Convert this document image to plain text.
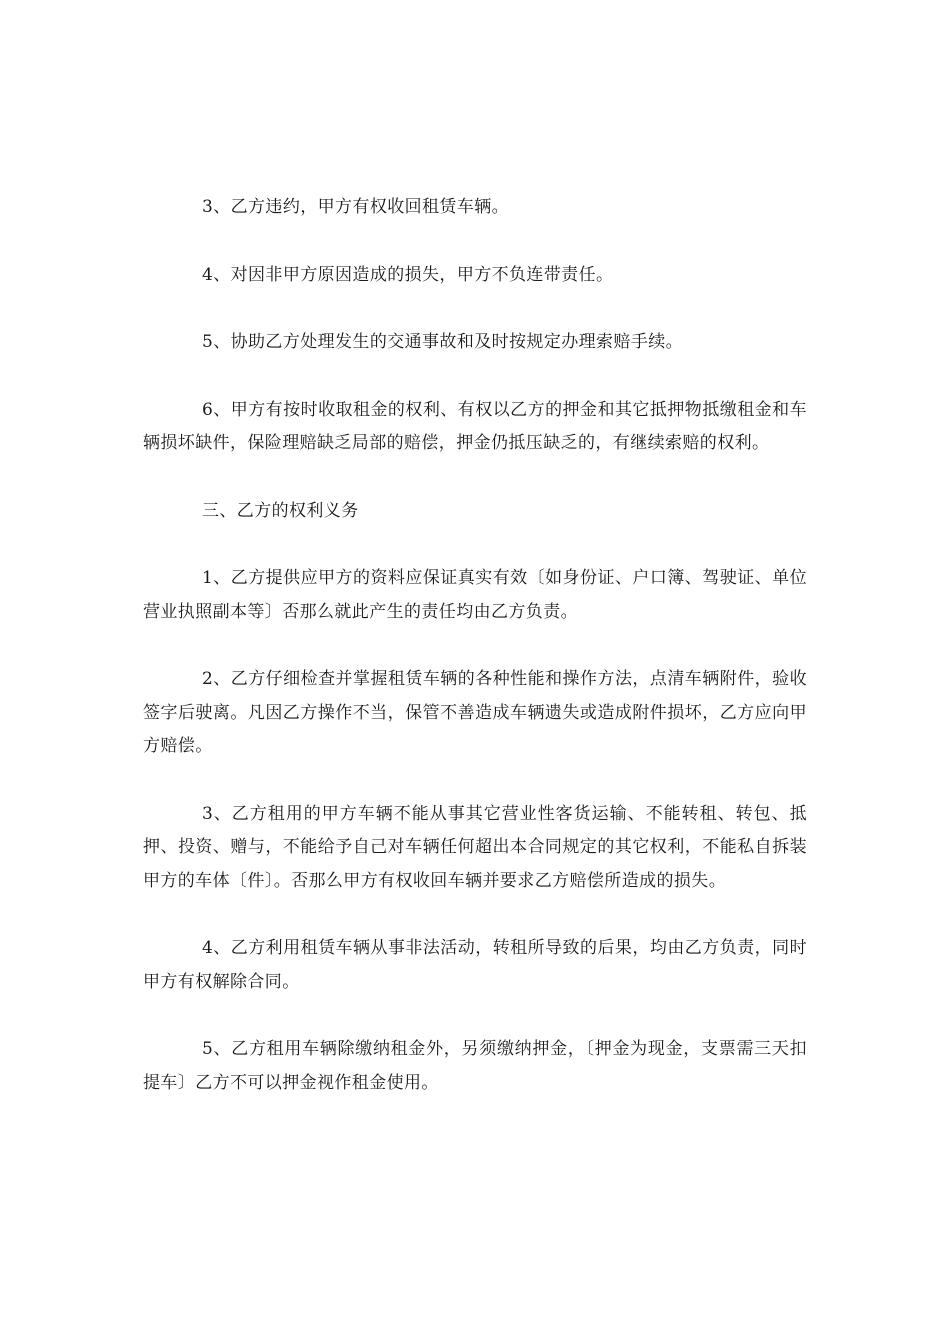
3、乙方违约，甲方有权收回租赁车辆。

4、对因非甲方原因造成的损失，甲方不负连带责任。

5、协助乙方处理发生的交通事故和及时按规定办理索赔手续。

6、甲方有按时收取租金的权利、有权以乙方的押金和其它抵押物抵缴租金和车辆损坏缺件，保险理赔缺乏局部的赔偿，押金仍抵压缺乏的，有继续索赔的权利。

三、乙方的权利义务

1、乙方提供应甲方的资料应保证真实有效〔如身份证、户口簿、驾驶证、单位营业执照副本等〕否那么就此产生的责任均由乙方负责。

2、乙方仔细检查并掌握租赁车辆的各种性能和操作方法，点清车辆附件，验收签字后驶离。凡因乙方操作不当，保管不善造成车辆遗失或造成附件损坏，乙方应向甲方赔偿。

3、乙方租用的甲方车辆不能从事其它营业性客货运输、不能转租、转包、抵押、投资、赠与，不能给予自己对车辆任何超出本合同规定的其它权利，不能私自拆装甲方的车体〔件〕。否那么甲方有权收回车辆并要求乙方赔偿所造成的损失。

4、乙方利用租赁车辆从事非法活动，转租所导致的后果，均由乙方负责，同时甲方有权解除合同。

5、乙方租用车辆除缴纳租金外，另须缴纳押金，〔押金为现金，支票需三天扣提车〕乙方不可以押金视作租金使用。
